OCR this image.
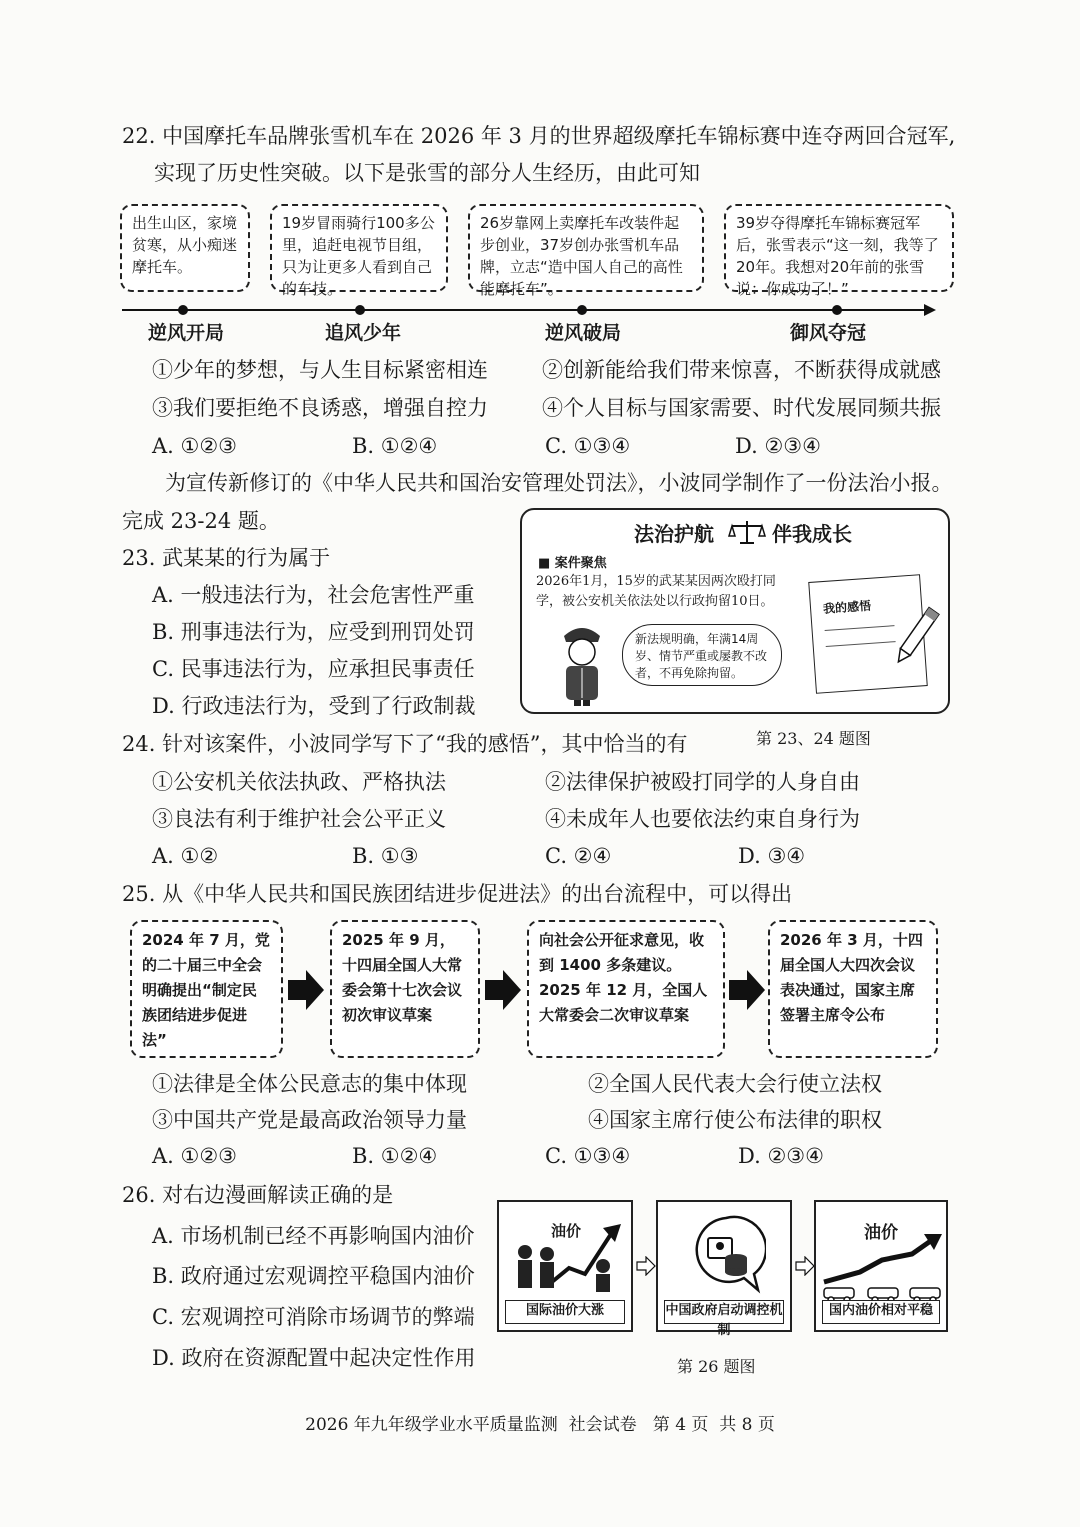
22. 中国摩托车品牌张雪机车在 2026 年 3 月的世界超级摩托车锦标赛中连夺两回合冠军,
实现了历史性突破。以下是张雪的部分人生经历，由此可知
出生山区，家境贫寒，从小痴迷摩托车。
19岁冒雨骑行100多公里，追赶电视节目组，只为让更多人看到自己的车技。
26岁靠网上卖摩托车改装件起步创业，37岁创办张雪机车品牌，立志“造中国人自己的高性能摩托车”。
39岁夺得摩托车锦标赛冠军后，张雪表示“这一刻，我等了20年。我想对20年前的张雪说：你成功了！”
逆风开局	追风少年	逆风破局	御风夺冠
①少年的梦想，与人生目标紧密相连	②创新能给我们带来惊喜，不断获得成就感
③我们要拒绝不良诱惑，增强自控力	④个人目标与国家需要、时代发展同频共振
A. ①②③	B. ①②④	C. ①③④	D. ②③④
为宣传新修订的《中华人民共和国治安管理处罚法》，小波同学制作了一份法治小报。
完成 23-24 题。
法治护航	伴我成长
■ 案件聚焦
2026年1月，15岁的武某某因两次殴打同学，被公安机关依法处以行政拘留10日。
新法规明确，年满14周岁、情节严重或屡教不改者，不再免除拘留。
我的感悟
23. 武某某的行为属于
A. 一般违法行为，社会危害性严重
B. 刑事违法行为，应受到刑罚处罚
C. 民事违法行为，应承担民事责任
D. 行政违法行为，受到了行政制裁
第 23、24 题图
24. 针对该案件，小波同学写下了“我的感悟”，其中恰当的有
①公安机关依法执政、严格执法	②法律保护被殴打同学的人身自由
③良法有利于维护社会公平正义	④未成年人也要依法约束自身行为
A. ①②	B. ①③	C. ②④	D. ③④
25. 从《中华人民共和国民族团结进步促进法》的出台流程中，可以得出
2024 年 7 月，党的二十届三中全会明确提出“制定民族团结进步促进法”
2025 年 9 月，十四届全国人大常委会第十七次会议初次审议草案
向社会公开征求意见，收到 1400 多条建议。2025 年 12 月，全国人大常委会二次审议草案
2026 年 3 月，十四届全国人大四次会议表决通过，国家主席签署主席令公布
①法律是全体公民意志的集中体现	②全国人民代表大会行使立法权
③中国共产党是最高政治领导力量	④国家主席行使公布法律的职权
A. ①②③	B. ①②④	C. ①③④	D. ②③④
26. 对右边漫画解读正确的是
A. 市场机制已经不再影响国内油价
B. 政府通过宏观调控平稳国内油价
C. 宏观调控可消除市场调节的弊端
D. 政府在资源配置中起决定性作用
油价
国际油价大涨	中国政府启动调控机制
油价
国内油价相对平稳
第 26 题图
2026 年九年级学业水平质量监测  社会试卷   第 4 页  共 8 页
